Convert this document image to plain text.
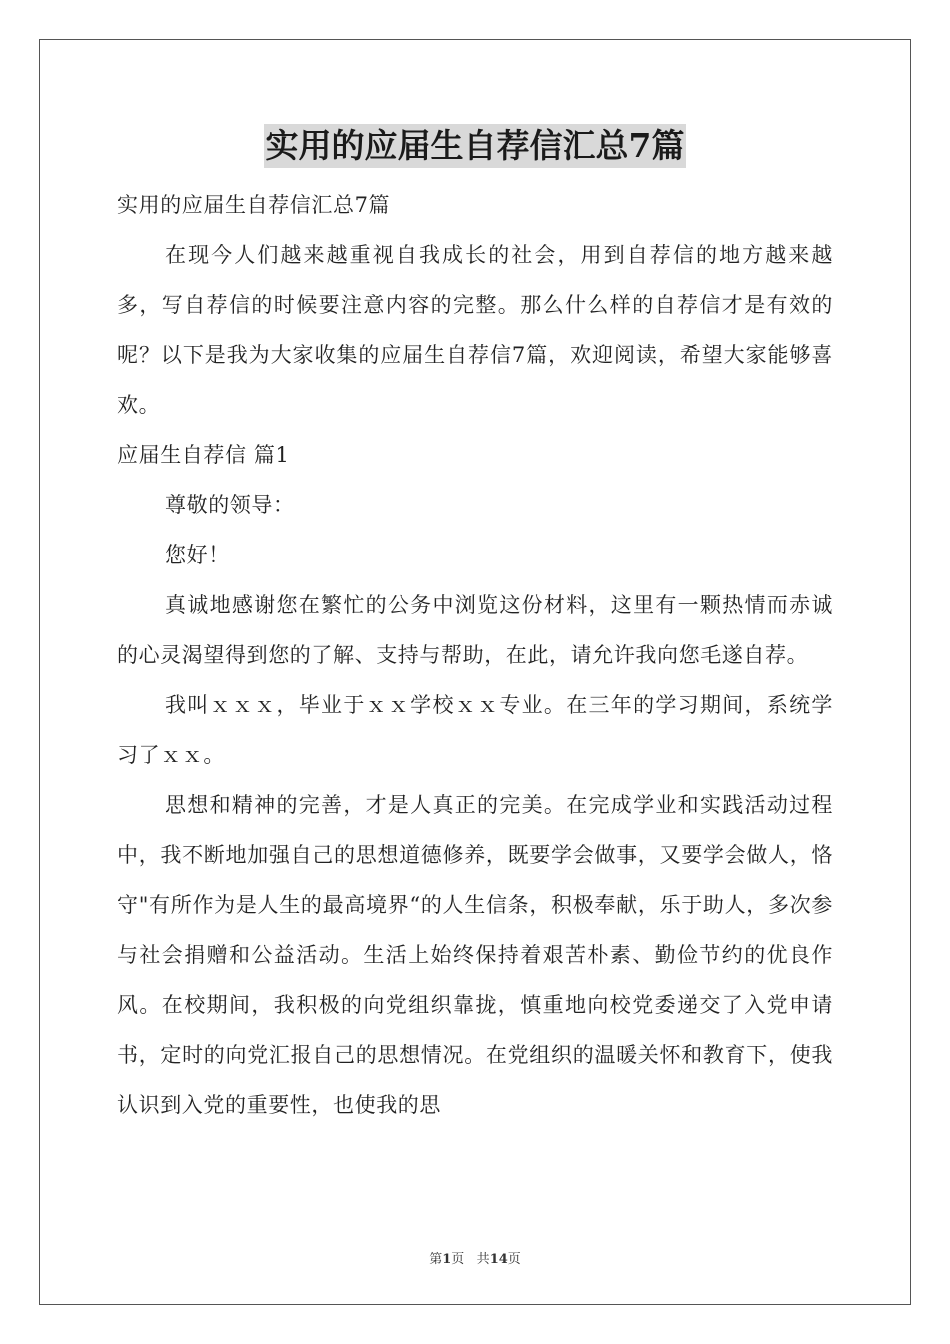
实用的应届生自荐信汇总7篇

实用的应届生自荐信汇总7篇

在现今人们越来越重视自我成长的社会，用到自荐信的地方越来越多，写自荐信的时候要注意内容的完整。那么什么样的自荐信才是有效的呢？以下是我为大家收集的应届生自荐信7篇，欢迎阅读，希望大家能够喜欢。

应届生自荐信 篇1

尊敬的领导：

您好！

真诚地感谢您在繁忙的公务中浏览这份材料，这里有一颗热情而赤诚的心灵渴望得到您的了解、支持与帮助，在此，请允许我向您毛遂自荐。

我叫ｘｘｘ，毕业于ｘｘ学校ｘｘ专业。在三年的学习期间，系统学习了ｘｘ。

思想和精神的完善，才是人真正的完美。在完成学业和实践活动过程中，我不断地加强自己的思想道德修养，既要学会做事，又要学会做人，恪守"有所作为是人生的最高境界“的人生信条，积极奉献，乐于助人，多次参与社会捐赠和公益活动。生活上始终保持着艰苦朴素、勤俭节约的优良作风。在校期间，我积极的向党组织靠拢，慎重地向校党委递交了入党申请书，定时的向党汇报自己的思想情况。在党组织的温暖关怀和教育下，使我认识到入党的重要性，也使我的思

第1页 共14页
